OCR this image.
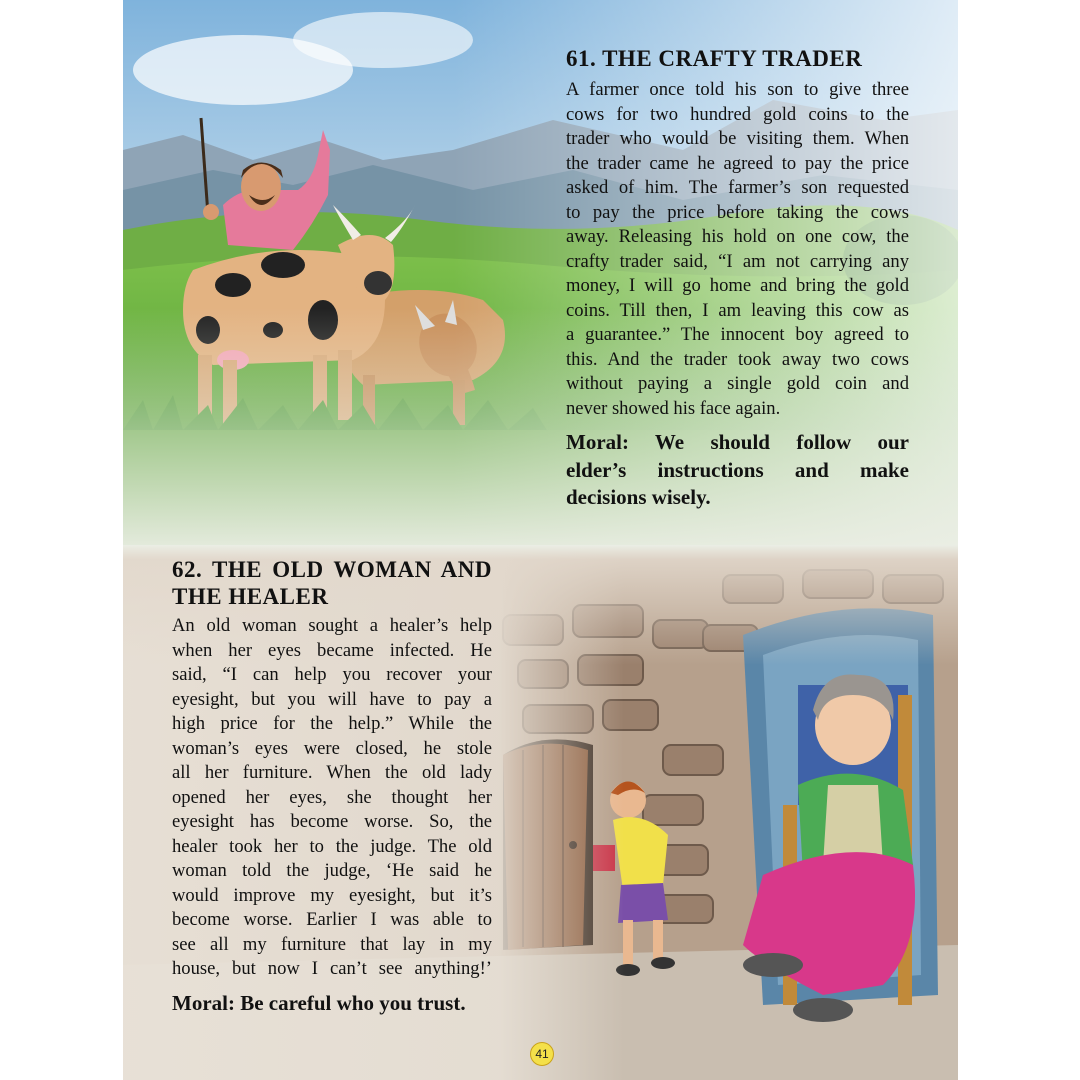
61. THE CRAFTY TRADER

A farmer once told his son to give three
cows for two hundred gold coins to the
trader who would be visiting them. When
the trader came he agreed to pay the price
asked of him. The farmer’s son requested
to pay the price before taking the cows
away. Releasing his hold on one cow, the
crafty trader said, “I am not carrying any
money, I will go home and bring the gold
coins. Till then, I am leaving this cow as
a guarantee.” The innocent boy agreed to
this. And the trader took away two cows
without paying a single gold coin and
never showed his face again.

Moral: We should follow our
elder’s instructions and make
decisions wisely.
62. THE OLD WOMAN AND
THE HEALER

An old woman sought a healer’s help
when her eyes became infected. He
said, “I can help you recover your
eyesight, but you will have to pay a
high price for the help.” While the
woman’s eyes were closed, he stole
all her furniture. When the old lady
opened her eyes, she thought her
eyesight has become worse. So, the
healer took her to the judge. The old
woman told the judge, ‘He said he
would improve my eyesight, but it’s
become worse. Earlier I was able to
see all my furniture that lay in my
house, but now I can’t see anything!’

Moral: Be careful who you trust.
41
